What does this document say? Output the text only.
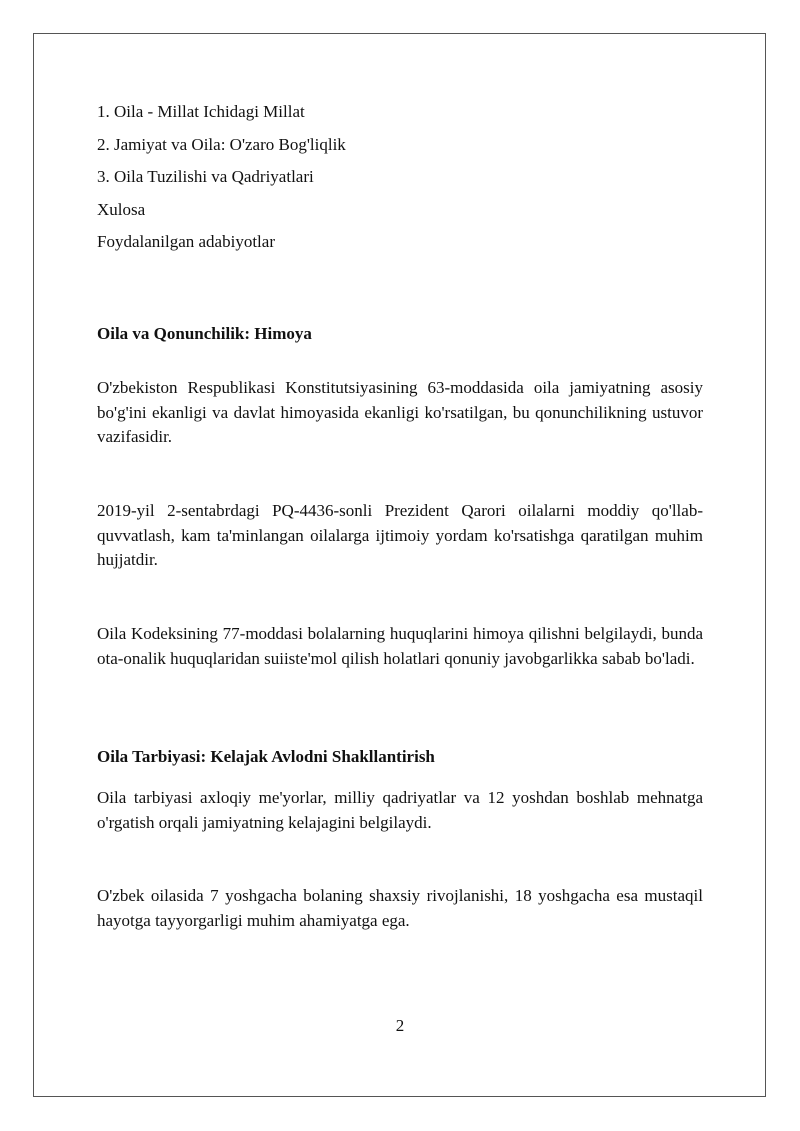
1. Oila - Millat Ichidagi Millat
2. Jamiyat va Oila: O'zaro Bog'liqlik
3. Oila Tuzilishi va Qadriyatlari
Xulosa
Foydalanilgan adabiyotlar
Oila va Qonunchilik: Himoya
O'zbekiston Respublikasi Konstitutsiyasining 63-moddasida oila jamiyatning asosiy bo'g'ini ekanligi va davlat himoyasida ekanligi ko'rsatilgan, bu qonunchilikning ustuvor vazifasidir.
2019-yil 2-sentabrdagi PQ-4436-sonli Prezident Qarori oilalarni moddiy qo'llab-quvvatlash, kam ta'minlangan oilalarga ijtimoiy yordam ko'rsatishga qaratilgan muhim hujjatdir.
Oila Kodeksining 77-moddasi bolalarning huquqlarini himoya qilishni belgilaydi, bunda ota-onalik huquqlaridan suiiste'mol qilish holatlari qonuniy javobgarlikka sabab bo'ladi.
Oila Tarbiyasi: Kelajak Avlodni Shakllantirish
Oila tarbiyasi axloqiy me'yorlar, milliy qadriyatlar va 12 yoshdan boshlab mehnatga o'rgatish orqali jamiyatning kelajagini belgilaydi.
O'zbek oilasida 7 yoshgacha bolaning shaxsiy rivojlanishi, 18 yoshgacha esa mustaqil hayotga tayyorgarligi muhim ahamiyatga ega.
2
